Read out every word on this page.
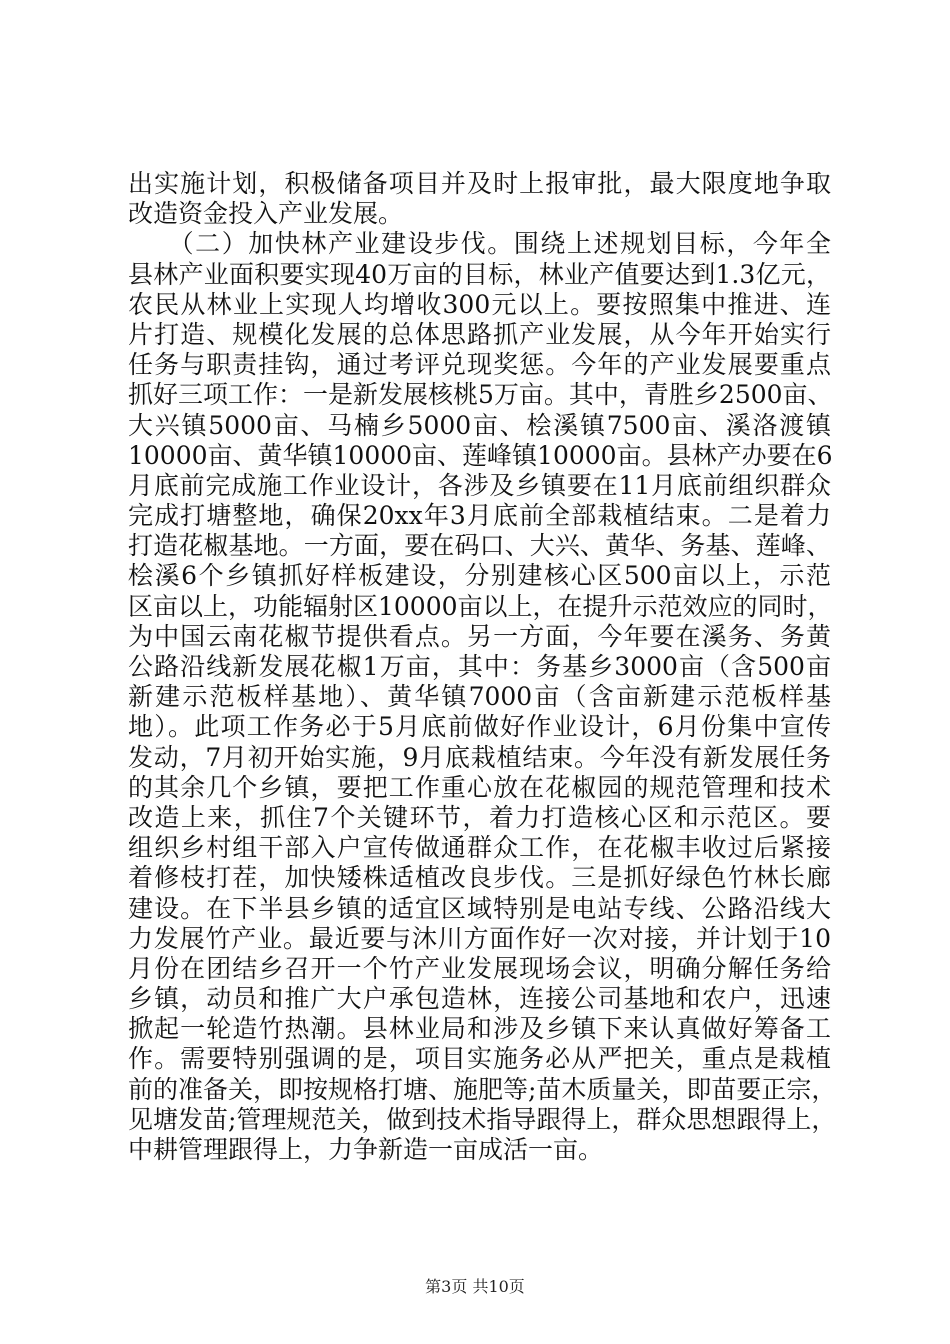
出实施计划，积极储备项目并及时上报审批，最大限度地争取
改造资金投入产业发展。
　　（二）加快林产业建设步伐。围绕上述规划目标，今年全
县林产业面积要实现40万亩的目标，林业产值要达到1.3亿元，
农民从林业上实现人均增收300元以上。要按照集中推进、连
片打造、规模化发展的总体思路抓产业发展，从今年开始实行
任务与职责挂钩，通过考评兑现奖惩。今年的产业发展要重点
抓好三项工作：一是新发展核桃5万亩。其中，青胜乡2500亩、
大兴镇5000亩、马楠乡5000亩、桧溪镇7500亩、溪洛渡镇
10000亩、黄华镇10000亩、莲峰镇10000亩。县林产办要在6
月底前完成施工作业设计，各涉及乡镇要在11月底前组织群众
完成打塘整地，确保20xx年3月底前全部栽植结束。二是着力
打造花椒基地。一方面，要在码口、大兴、黄华、务基、莲峰、
桧溪6个乡镇抓好样板建设，分别建核心区500亩以上，示范
区亩以上，功能辐射区10000亩以上，在提升示范效应的同时，
为中国云南花椒节提供看点。另一方面，今年要在溪务、务黄
公路沿线新发展花椒1万亩，其中：务基乡3000亩（含500亩
新建示范板样基地）、黄华镇7000亩（含亩新建示范板样基
地）。此项工作务必于5月底前做好作业设计，6月份集中宣传
发动，7月初开始实施，9月底栽植结束。今年没有新发展任务
的其余几个乡镇，要把工作重心放在花椒园的规范管理和技术
改造上来，抓住7个关键环节，着力打造核心区和示范区。要
组织乡村组干部入户宣传做通群众工作，在花椒丰收过后紧接
着修枝打茬，加快矮株适植改良步伐。三是抓好绿色竹林长廊
建设。在下半县乡镇的适宜区域特别是电站专线、公路沿线大
力发展竹产业。最近要与沐川方面作好一次对接，并计划于10
月份在团结乡召开一个竹产业发展现场会议，明确分解任务给
乡镇，动员和推广大户承包造林，连接公司基地和农户，迅速
掀起一轮造竹热潮。县林业局和涉及乡镇下来认真做好筹备工
作。需要特别强调的是，项目实施务必从严把关，重点是栽植
前的准备关，即按规格打塘、施肥等;苗木质量关，即苗要正宗，
见塘发苗;管理规范关，做到技术指导跟得上，群众思想跟得上，
中耕管理跟得上，力争新造一亩成活一亩。
第3页 共10页
